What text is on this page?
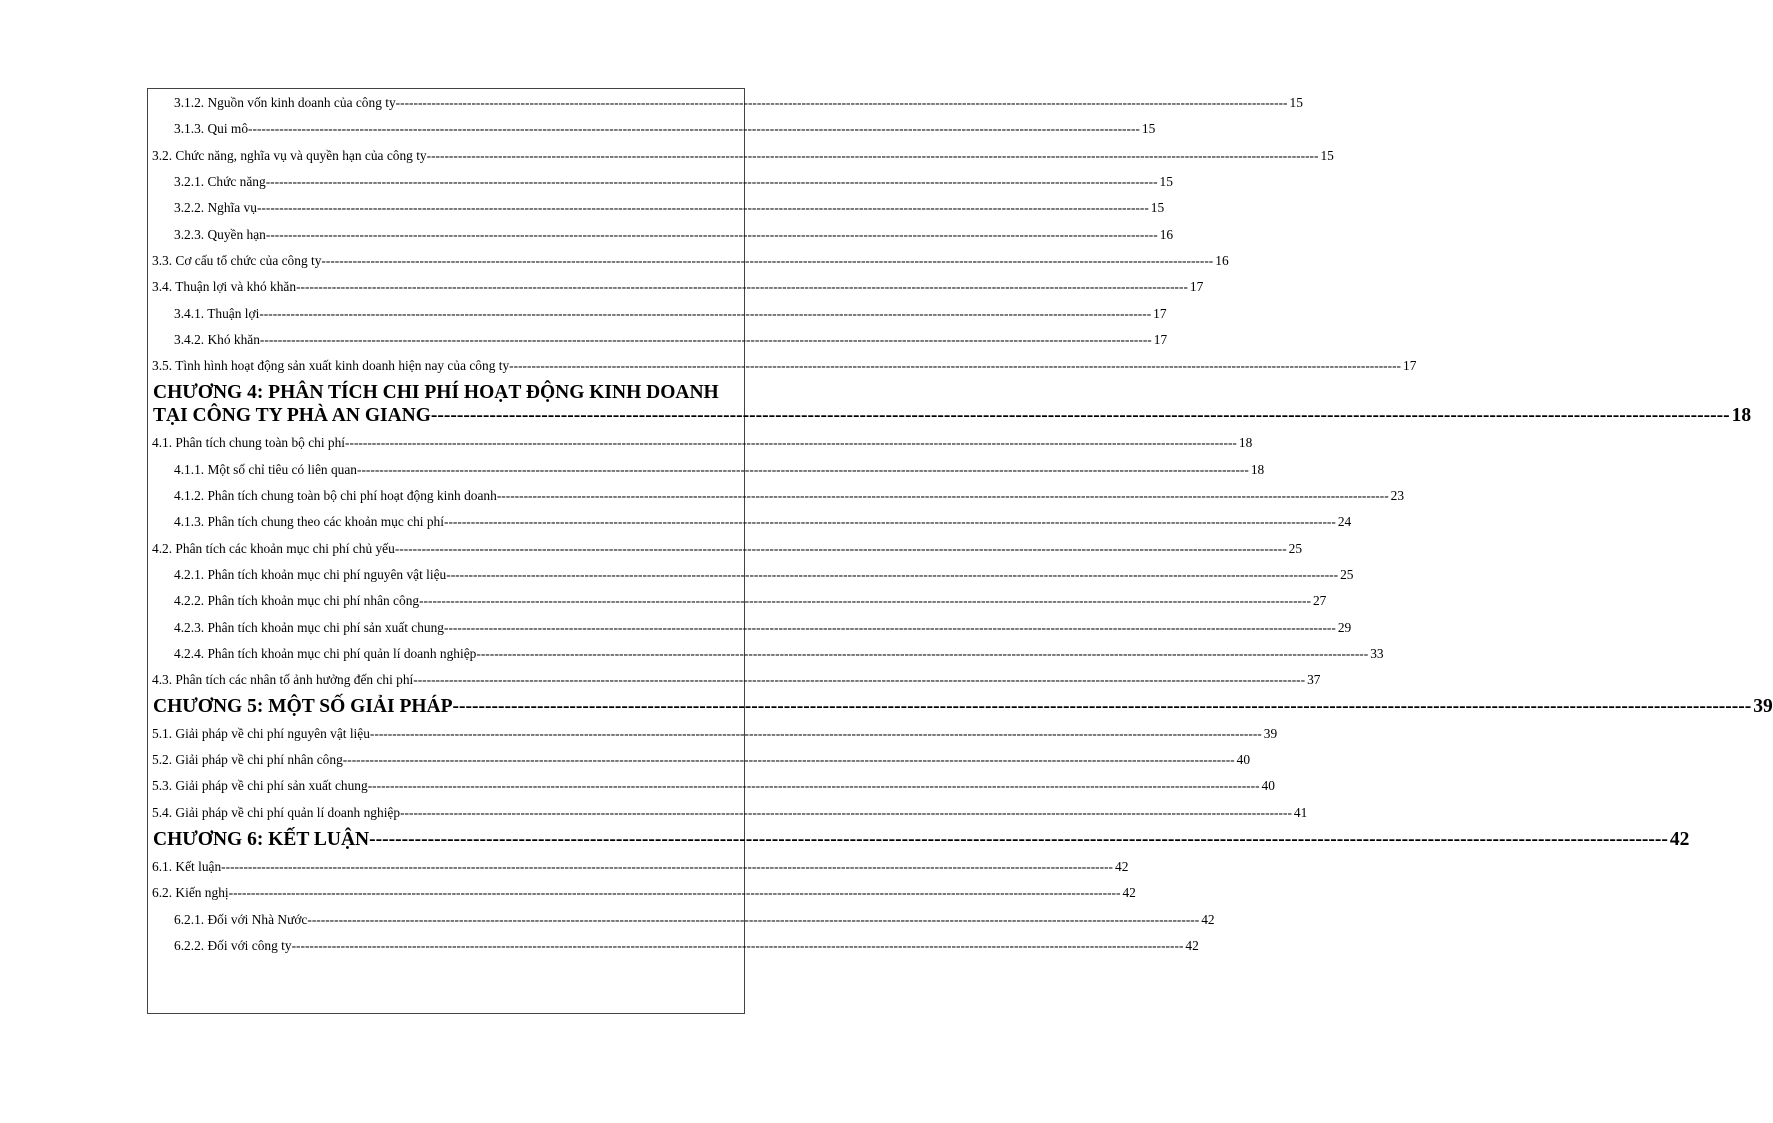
3.1.2. Nguồn vốn kinh doanh của công ty -------------------------------------------------------------------------------------------------------------------------------------------------------------------------------------------------------- 15
3.1.3. Qui mô -------------------------------------------------------------------------------------------------------------------------------------------------------------------------------------------------------- 15
3.2. Chức năng, nghĩa vụ và quyền hạn của công ty -------------------------------------------------------------------------------------------------------------------------------------------------------------------------------------------------------- 15
3.2.1. Chức năng -------------------------------------------------------------------------------------------------------------------------------------------------------------------------------------------------------- 15
3.2.2. Nghĩa vụ -------------------------------------------------------------------------------------------------------------------------------------------------------------------------------------------------------- 15
3.2.3. Quyền hạn -------------------------------------------------------------------------------------------------------------------------------------------------------------------------------------------------------- 16
3.3. Cơ cấu tổ chức của công ty -------------------------------------------------------------------------------------------------------------------------------------------------------------------------------------------------------- 16
3.4. Thuận lợi và khó khăn -------------------------------------------------------------------------------------------------------------------------------------------------------------------------------------------------------- 17
3.4.1. Thuận lợi -------------------------------------------------------------------------------------------------------------------------------------------------------------------------------------------------------- 17
3.4.2. Khó khăn -------------------------------------------------------------------------------------------------------------------------------------------------------------------------------------------------------- 17
3.5. Tình hình hoạt động sản xuất kinh doanh hiện nay của công ty -------------------------------------------------------------------------------------------------------------------------------------------------------------------------------------------------------- 17
CHƯƠNG 4: PHÂN TÍCH CHI PHÍ HOẠT ĐỘNG KINH DOANH
TẠI CÔNG TY PHÀ AN GIANG -------------------------------------------------------------------------------------------------------------------------------------------------------------------------------------------------------- 18
4.1. Phân tích chung toàn bộ chi phí -------------------------------------------------------------------------------------------------------------------------------------------------------------------------------------------------------- 18
4.1.1. Một số chỉ tiêu có liên quan -------------------------------------------------------------------------------------------------------------------------------------------------------------------------------------------------------- 18
4.1.2. Phân tích chung toàn bộ chi phí hoạt động kinh doanh -------------------------------------------------------------------------------------------------------------------------------------------------------------------------------------------------------- 23
4.1.3. Phân tích chung theo các khoản mục chi phí -------------------------------------------------------------------------------------------------------------------------------------------------------------------------------------------------------- 24
4.2. Phân tích các khoản mục chi phí chủ yếu -------------------------------------------------------------------------------------------------------------------------------------------------------------------------------------------------------- 25
4.2.1. Phân tích khoản mục chi phí nguyên vật liệu -------------------------------------------------------------------------------------------------------------------------------------------------------------------------------------------------------- 25
4.2.2. Phân tích khoản mục chi phí nhân công -------------------------------------------------------------------------------------------------------------------------------------------------------------------------------------------------------- 27
4.2.3. Phân tích khoản mục chi phí sản xuất chung -------------------------------------------------------------------------------------------------------------------------------------------------------------------------------------------------------- 29
4.2.4. Phân tích khoản mục chi phí quản lí doanh nghiệp -------------------------------------------------------------------------------------------------------------------------------------------------------------------------------------------------------- 33
4.3. Phân tích các nhân tố ảnh hưởng đến chi phí -------------------------------------------------------------------------------------------------------------------------------------------------------------------------------------------------------- 37
CHƯƠNG 5: MỘT SỐ GIẢI PHÁP -------------------------------------------------------------------------------------------------------------------------------------------------------------------------------------------------------- 39
5.1. Giải pháp về chi phí nguyên vật liệu -------------------------------------------------------------------------------------------------------------------------------------------------------------------------------------------------------- 39
5.2. Giải pháp về chi phí nhân công -------------------------------------------------------------------------------------------------------------------------------------------------------------------------------------------------------- 40
5.3. Giải pháp về chi phí sản xuất chung -------------------------------------------------------------------------------------------------------------------------------------------------------------------------------------------------------- 40
5.4. Giải pháp về chi phí quản lí doanh nghiệp -------------------------------------------------------------------------------------------------------------------------------------------------------------------------------------------------------- 41
CHƯƠNG 6: KẾT LUẬN -------------------------------------------------------------------------------------------------------------------------------------------------------------------------------------------------------- 42
6.1. Kết luận -------------------------------------------------------------------------------------------------------------------------------------------------------------------------------------------------------- 42
6.2. Kiến nghị -------------------------------------------------------------------------------------------------------------------------------------------------------------------------------------------------------- 42
6.2.1. Đối với Nhà Nước -------------------------------------------------------------------------------------------------------------------------------------------------------------------------------------------------------- 42
6.2.2. Đối với công ty -------------------------------------------------------------------------------------------------------------------------------------------------------------------------------------------------------- 42
